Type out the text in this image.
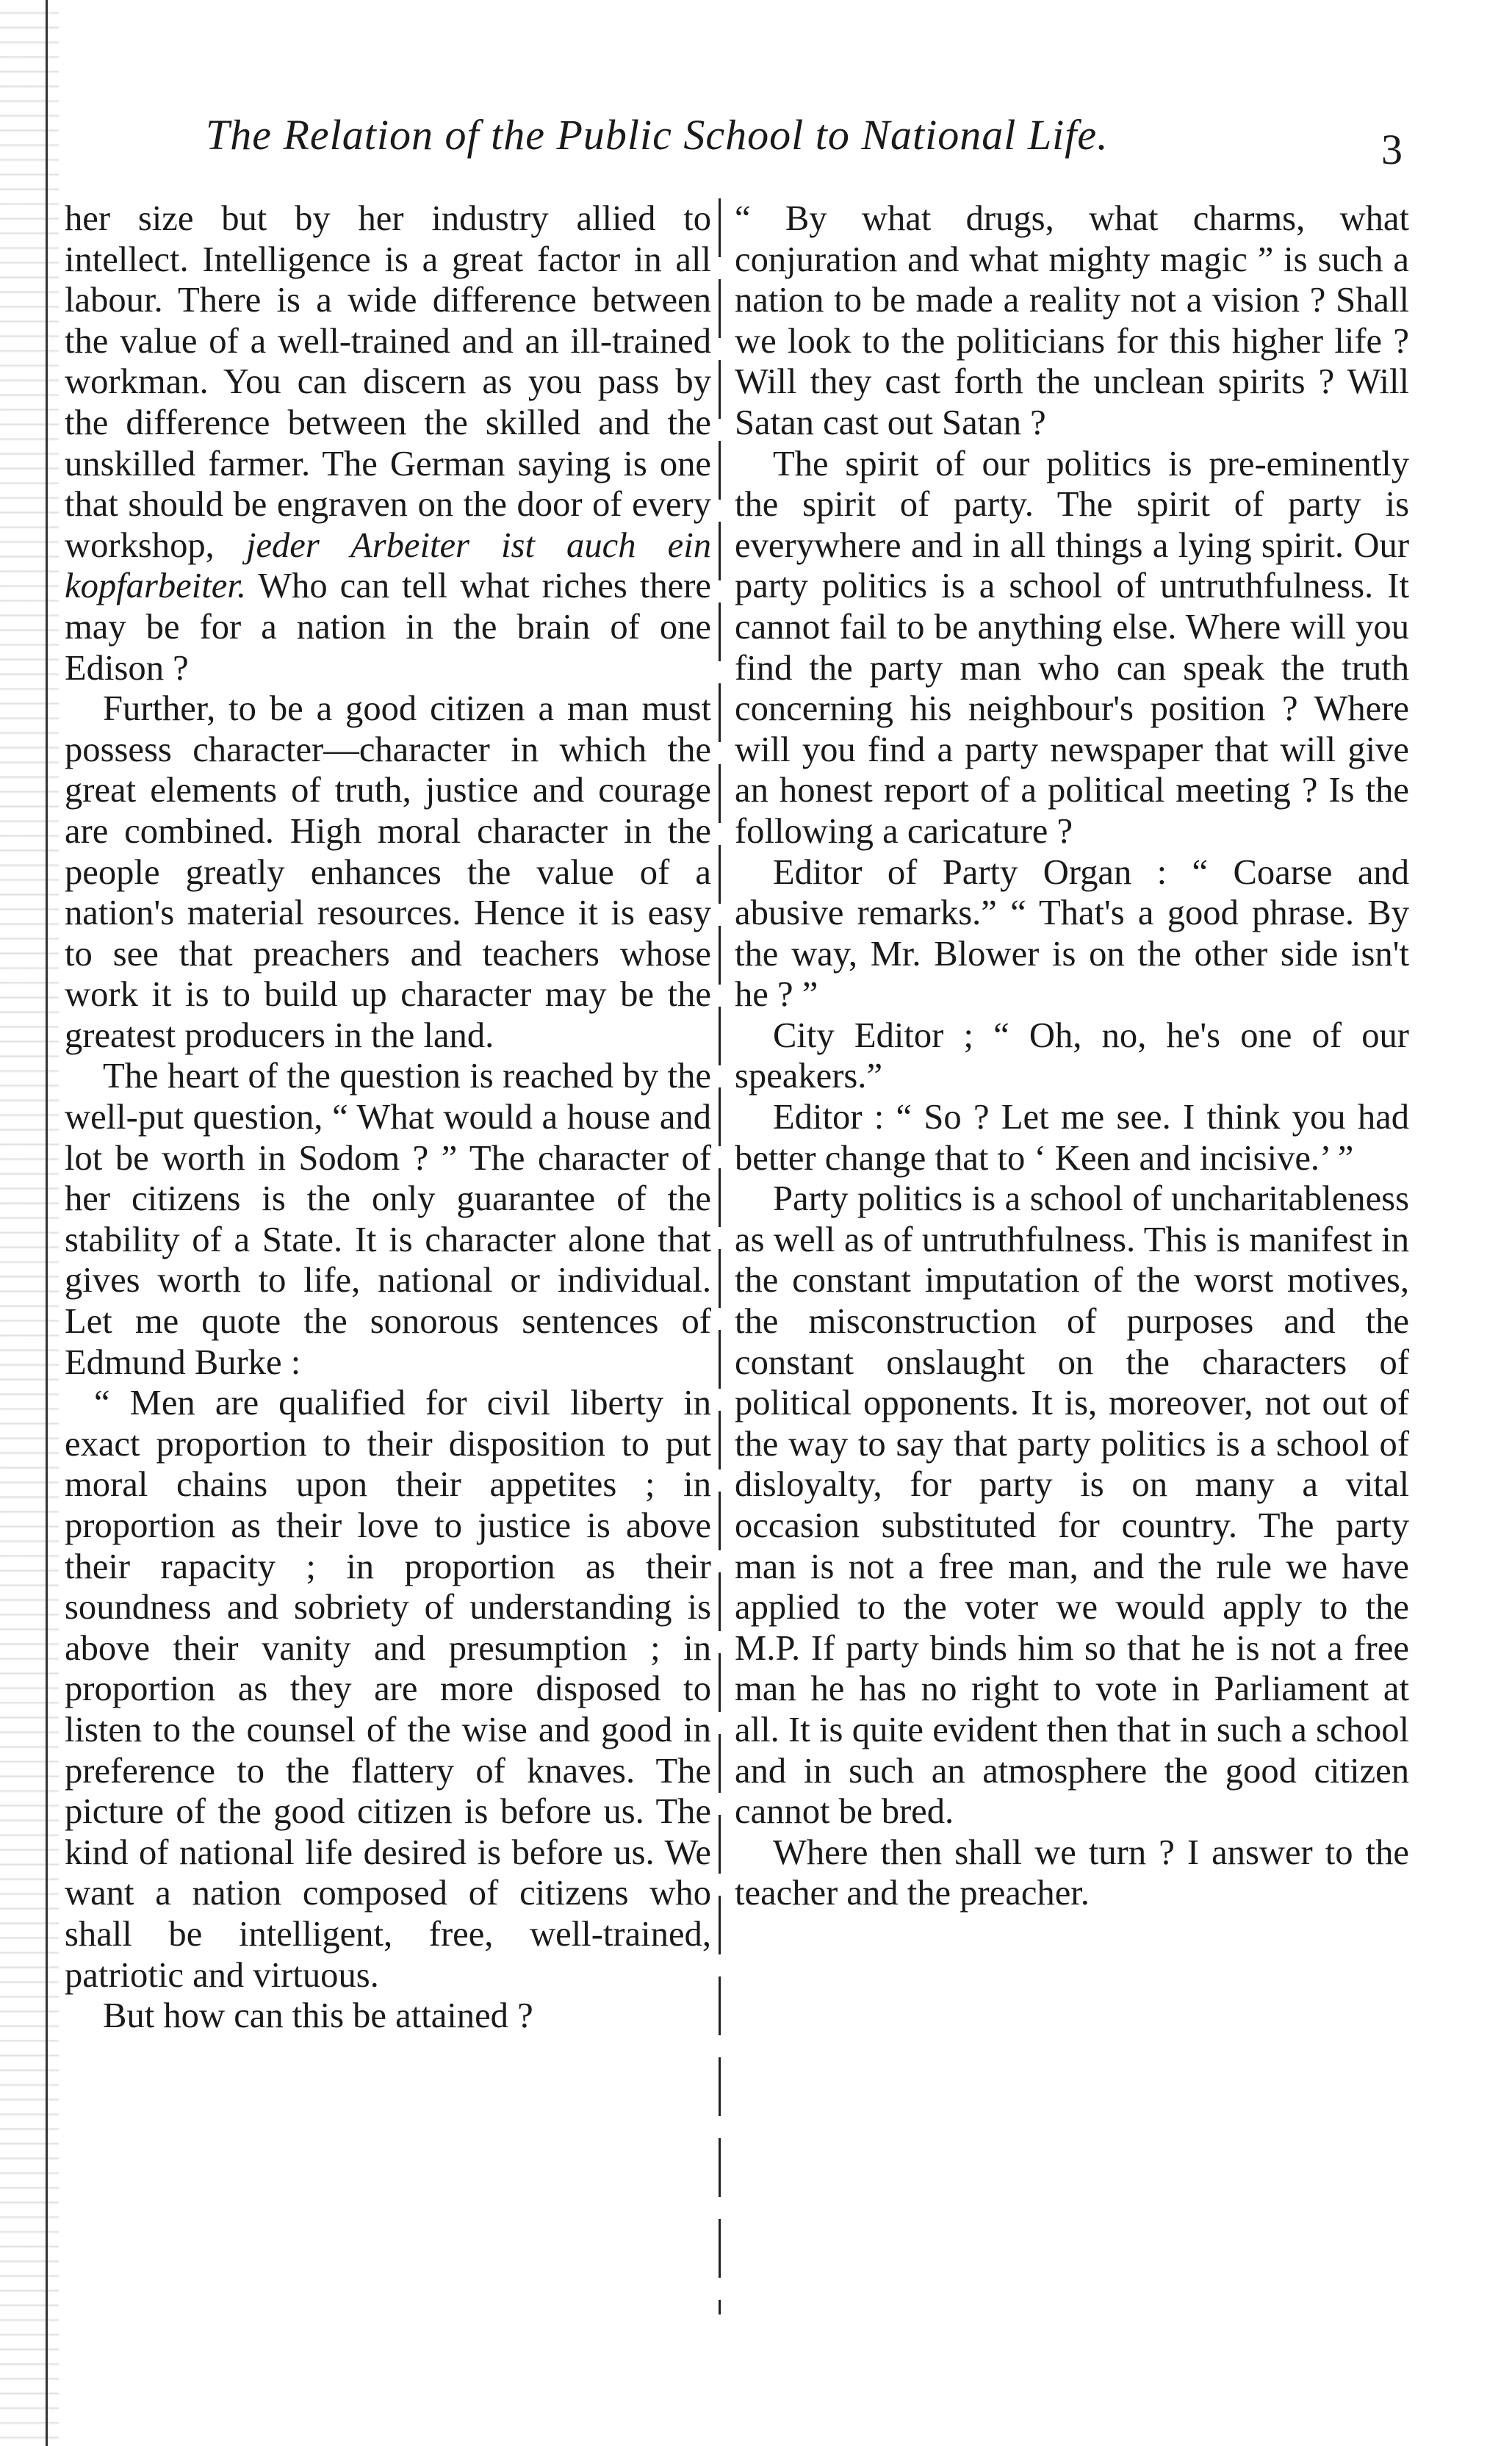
The Relation of the Public School to National Life.	3

her size but by her industry allied to intellect. Intelligence is a great factor in all labour. There is a wide difference between the value of a well-trained and an ill-trained workman. You can discern as you pass by the difference between the skilled and the unskilled farmer. The German saying is one that should be engraven on the door of every workshop, jeder Arbeiter ist auch ein kopfarbeiter. Who can tell what riches there may be for a nation in the brain of one Edison ?

Further, to be a good citizen a man must possess character—character in which the great elements of truth, justice and courage are combined. High moral character in the people greatly enhances the value of a nation's material resources. Hence it is easy to see that preachers and teachers whose work it is to build up character may be the greatest producers in the land.

The heart of the question is reached by the well-put question, “ What would a house and lot be worth in Sodom ? ” The character of her citizens is the only guarantee of the stability of a State. It is character alone that gives worth to life, national or individual. Let me quote the sonorous sentences of Edmund Burke :

“ Men are qualified for civil liberty in exact proportion to their disposition to put moral chains upon their appetites ; in proportion as their love to justice is above their rapacity ; in proportion as their soundness and sobriety of understanding is above their vanity and presumption ; in proportion as they are more disposed to listen to the counsel of the wise and good in preference to the flattery of knaves. The picture of the good citizen is before us. The kind of national life desired is before us. We want a nation composed of citizens who shall be intelligent, free, well-trained, patriotic and virtuous.

But how can this be attained ?

“ By what drugs, what charms, what conjuration and what mighty magic ” is such a nation to be made a reality not a vision ? Shall we look to the politicians for this higher life ? Will they cast forth the unclean spirits ? Will Satan cast out Satan ?

The spirit of our politics is pre-eminently the spirit of party. The spirit of party is everywhere and in all things a lying spirit. Our party politics is a school of untruthfulness. It cannot fail to be anything else. Where will you find the party man who can speak the truth concerning his neighbour's position ? Where will you find a party newspaper that will give an honest report of a political meeting ? Is the following a caricature ?

Editor of Party Organ : “ Coarse and abusive remarks.” “ That's a good phrase. By the way, Mr. Blower is on the other side isn't he ? ”

City Editor ; “ Oh, no, he's one of our speakers.”

Editor : “ So ? Let me see. I think you had better change that to ‘ Keen and incisive.’ ”

Party politics is a school of uncharitableness as well as of untruthfulness. This is manifest in the constant imputation of the worst motives, the misconstruction of purposes and the constant onslaught on the characters of political opponents. It is, moreover, not out of the way to say that party politics is a school of disloyalty, for party is on many a vital occasion substituted for country. The party man is not a free man, and the rule we have applied to the voter we would apply to the M.P. If party binds him so that he is not a free man he has no right to vote in Parliament at all. It is quite evident then that in such a school and in such an atmosphere the good citizen cannot be bred.

Where then shall we turn ? I answer to the teacher and the preacher.
